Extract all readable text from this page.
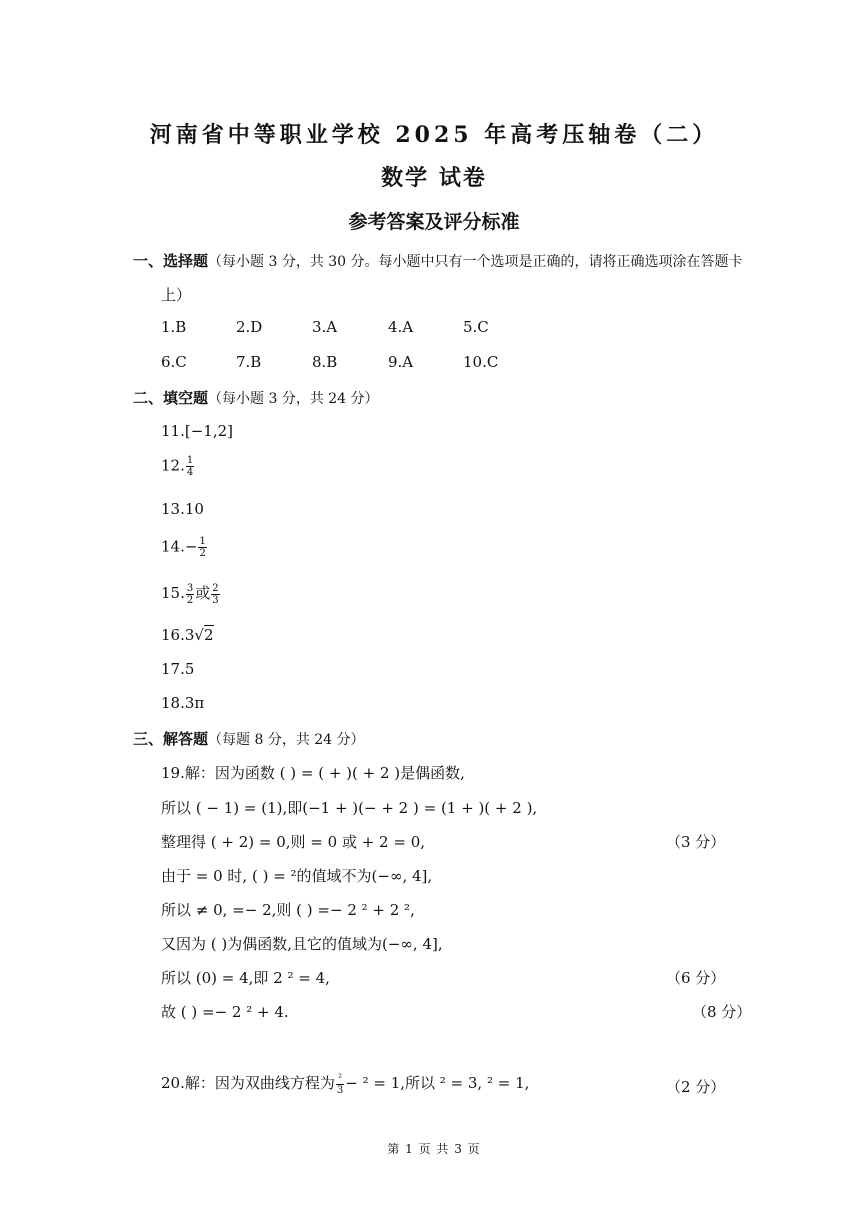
河南省中等职业学校 2025 年高考压轴卷（二）
数学 试卷
参考答案及评分标准
一、选择题（每小题 3 分，共 30 分。每小题中只有一个选项是正确的，请将正确选项涂在答题卡
上）
1.B	2.D	3.A	4.A	5.C
6.C	7.B	8.B	9.A	10.C
二、填空题（每小题 3 分，共 24 分）
11.[−1,2]
12. $\frac{1}{4}$
13.10
$14.- \frac{1}{2}$
15. $\frac{3}{2}$ 或 $\frac{2}{3}$
16.3√2
17.5
18.3π
三、解答题（每题 8 分，共 24 分）
19.解：因为函数 ( ) = ( + )( + 2 )是偶函数,
所以 ( − 1) = (1),即(−1 + )(− + 2 ) = (1 + )( + 2 ),
整理得 ( + 2) = 0,则 = 0 或 + 2 = 0,	（3 分）
由于 = 0 时, ( ) = ²的值域不为(−∞, 4],
所以 ≠ 0, =− 2,则 ( ) =− 2 ² + 2 ²,
又因为 ( )为偶函数,且它的值域为(−∞, 4],
所以 (0) = 4,即 2 ² = 4,	（6 分）
故 ( ) =− 2 ² + 4.	（8 分）
20.解：因为双曲线方程为 $\frac{\text{²}}{3} - ^2 = 1$,所以 ² = 3, ² = 1,	（2 分）
第 1 页 共 3 页
